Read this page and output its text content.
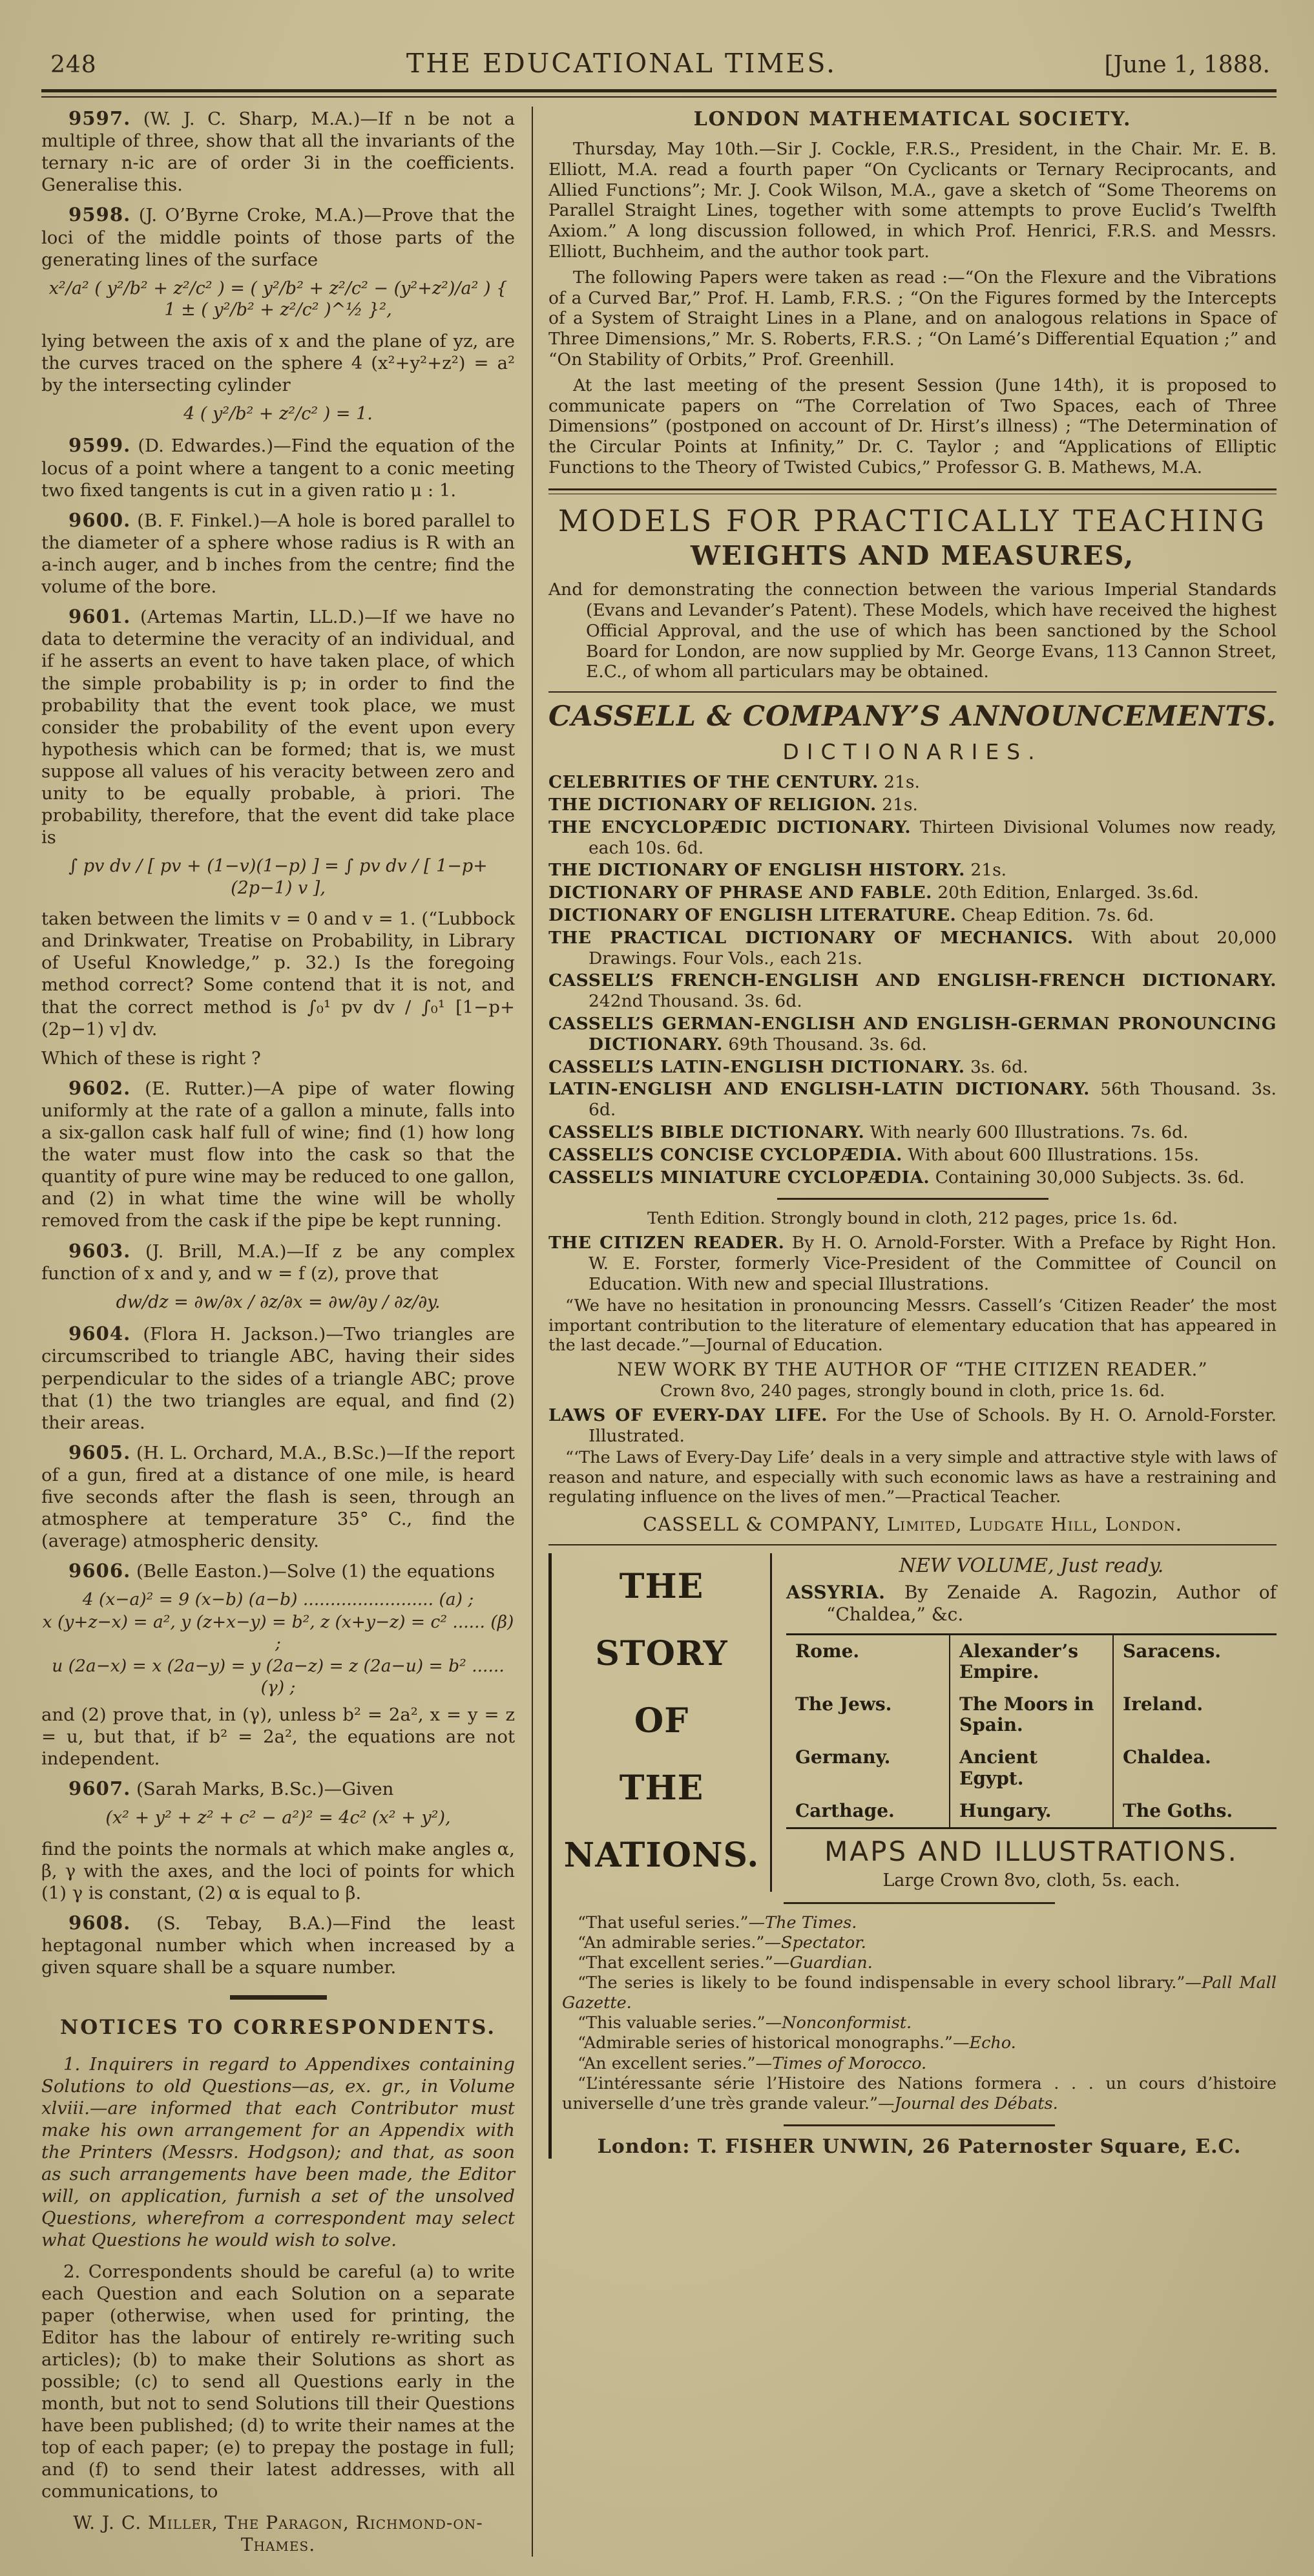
248	THE EDUCATIONAL TIMES.	[June 1, 1888.

9597. (W. J. C. Sharp, M.A.)—If n be not a multiple of three, show that all the invariants of the ternary n-ic are of order 3i in the coefficients. Generalise this.

9598. (J. O’Byrne Croke, M.A.)—Prove that the loci of the middle points of those parts of the generating lines of the surface

x²/a² ( y²/b² + z²/c² ) = ( y²/b² + z²/c² − (y²+z²)/a² ) { 1 ± ( y²/b² + z²/c² )^½ }²,

lying between the axis of x and the plane of yz, are the curves traced on the sphere 4 (x²+y²+z²) = a² by the intersecting cylinder

4 ( y²/b² + z²/c² ) = 1.

9599. (D. Edwardes.)—Find the equation of the locus of a point where a tangent to a conic meeting two fixed tangents is cut in a given ratio μ : 1.

9600. (B. F. Finkel.)—A hole is bored parallel to the diameter of a sphere whose radius is R with an a-inch auger, and b inches from the centre; find the volume of the bore.

9601. (Artemas Martin, LL.D.)—If we have no data to determine the veracity of an individual, and if he asserts an event to have taken place, of which the simple probability is p; in order to find the probability that the event took place, we must consider the probability of the event upon every hypothesis which can be formed; that is, we must suppose all values of his veracity between zero and unity to be equally probable, à priori. The probability, therefore, that the event did take place is

∫ pv dv / [ pv + (1−v)(1−p) ] = ∫ pv dv / [ 1−p+(2p−1) v ],

taken between the limits v = 0 and v = 1. (“Lubbock and Drinkwater, Treatise on Probability, in Library of Useful Knowledge,” p. 32.) Is the foregoing method correct? Some contend that it is not, and that the correct method is ∫₀¹ pv dv / ∫₀¹ [1−p+(2p−1) v] dv.

Which of these is right ?

9602. (E. Rutter.)—A pipe of water flowing uniformly at the rate of a gallon a minute, falls into a six-gallon cask half full of wine; find (1) how long the water must flow into the cask so that the quantity of pure wine may be reduced to one gallon, and (2) in what time the wine will be wholly removed from the cask if the pipe be kept running.

9603. (J. Brill, M.A.)—If z be any complex function of x and y, and w = f (z), prove that

dw/dz = ∂w/∂x / ∂z/∂x = ∂w/∂y / ∂z/∂y.

9604. (Flora H. Jackson.)—Two triangles are circumscribed to triangle ABC, having their sides perpendicular to the sides of a triangle ABC; prove that (1) the two triangles are equal, and find (2) their areas.

9605. (H. L. Orchard, M.A., B.Sc.)—If the report of a gun, fired at a distance of one mile, is heard five seconds after the flash is seen, through an atmosphere at temperature 35° C., find the (average) atmospheric density.

9606. (Belle Easton.)—Solve (1) the equations

4 (x−a)² = 9 (x−b) (a−b) ........................ (a) ;
x (y+z−x) = a², y (z+x−y) = b², z (x+y−z) = c² ...... (β) ;
u (2a−x) = x (2a−y) = y (2a−z) = z (2a−u) = b² ...... (γ) ;

and (2) prove that, in (γ), unless b² = 2a², x = y = z = u, but that, if b² = 2a², the equations are not independent.

9607. (Sarah Marks, B.Sc.)—Given

(x² + y² + z² + c² − a²)² = 4c² (x² + y²),

find the points the normals at which make angles α, β, γ with the axes, and the loci of points for which (1) γ is constant, (2) α is equal to β.

9608. (S. Tebay, B.A.)—Find the least heptagonal number which when increased by a given square shall be a square number.

NOTICES TO CORRESPONDENTS.

1. Inquirers in regard to Appendixes containing Solutions to old Questions—as, ex. gr., in Volume xlviii.—are informed that each Contributor must make his own arrangement for an Appendix with the Printers (Messrs. Hodgson); and that, as soon as such arrangements have been made, the Editor will, on application, furnish a set of the unsolved Questions, wherefrom a correspondent may select what Questions he would wish to solve.

2. Correspondents should be careful (a) to write each Question and each Solution on a separate paper (otherwise, when used for printing, the Editor has the labour of entirely re-writing such articles); (b) to make their Solutions as short as possible; (c) to send all Questions early in the month, but not to send Solutions till their Questions have been published; (d) to write their names at the top of each paper; (e) to prepay the postage in full; and (f) to send their latest addresses, with all communications, to

W. J. C. Miller, The Paragon, Richmond-on-Thames.

LONDON MATHEMATICAL SOCIETY.

Thursday, May 10th.—Sir J. Cockle, F.R.S., President, in the Chair. Mr. E. B. Elliott, M.A. read a fourth paper “On Cyclicants or Ternary Reciprocants, and Allied Functions”; Mr. J. Cook Wilson, M.A., gave a sketch of “Some Theorems on Parallel Straight Lines, together with some attempts to prove Euclid’s Twelfth Axiom.” A long discussion followed, in which Prof. Henrici, F.R.S. and Messrs. Elliott, Buchheim, and the author took part.

The following Papers were taken as read :—“On the Flexure and the Vibrations of a Curved Bar,” Prof. H. Lamb, F.R.S. ; “On the Figures formed by the Intercepts of a System of Straight Lines in a Plane, and on analogous relations in Space of Three Dimensions,” Mr. S. Roberts, F.R.S. ; “On Lamé’s Differential Equation ;” and “On Stability of Orbits,” Prof. Greenhill.

At the last meeting of the present Session (June 14th), it is proposed to communicate papers on “The Correlation of Two Spaces, each of Three Dimensions” (postponed on account of Dr. Hirst’s illness) ; “The Determination of the Circular Points at Infinity,” Dr. C. Taylor ; and “Applications of Elliptic Functions to the Theory of Twisted Cubics,” Professor G. B. Mathews, M.A.

MODELS FOR PRACTICALLY TEACHING
WEIGHTS AND MEASURES,

And for demonstrating the connection between the various Imperial Standards (Evans and Levander’s Patent). These Models, which have received the highest Official Approval, and the use of which has been sanctioned by the School Board for London, are now supplied by Mr. George Evans, 113 Cannon Street, E.C., of whom all particulars may be obtained.

CASSELL & COMPANY’S ANNOUNCEMENTS.
DICTIONARIES.

CELEBRITIES OF THE CENTURY. 21s.

THE DICTIONARY OF RELIGION. 21s.

THE ENCYCLOPÆDIC DICTIONARY. Thirteen Divisional Volumes now ready, each 10s. 6d.

THE DICTIONARY OF ENGLISH HISTORY. 21s.

DICTIONARY OF PHRASE AND FABLE. 20th Edition, Enlarged. 3s.6d.

DICTIONARY OF ENGLISH LITERATURE. Cheap Edition. 7s. 6d.

THE PRACTICAL DICTIONARY OF MECHANICS. With about 20,000 Drawings. Four Vols., each 21s.

CASSELL’S FRENCH-ENGLISH AND ENGLISH-FRENCH DICTIONARY. 242nd Thousand. 3s. 6d.

CASSELL’S GERMAN-ENGLISH AND ENGLISH-GERMAN PRONOUNCING DICTIONARY. 69th Thousand. 3s. 6d.

CASSELL’S LATIN-ENGLISH DICTIONARY. 3s. 6d.

LATIN-ENGLISH AND ENGLISH-LATIN DICTIONARY. 56th Thousand. 3s. 6d.

CASSELL’S BIBLE DICTIONARY. With nearly 600 Illustrations. 7s. 6d.

CASSELL’S CONCISE CYCLOPÆDIA. With about 600 Illustrations. 15s.

CASSELL’S MINIATURE CYCLOPÆDIA. Containing 30,000 Subjects. 3s. 6d.

Tenth Edition. Strongly bound in cloth, 212 pages, price 1s. 6d.

THE CITIZEN READER. By H. O. Arnold-Forster. With a Preface by Right Hon. W. E. Forster, formerly Vice-President of the Committee of Council on Education. With new and special Illustrations.

“We have no hesitation in pronouncing Messrs. Cassell’s ‘Citizen Reader’ the most important contribution to the literature of elementary education that has appeared in the last decade.”—Journal of Education.

NEW WORK BY THE AUTHOR OF “THE CITIZEN READER.”

Crown 8vo, 240 pages, strongly bound in cloth, price 1s. 6d.

LAWS OF EVERY-DAY LIFE. For the Use of Schools. By H. O. Arnold-Forster. Illustrated.

“‘The Laws of Every-Day Life’ deals in a very simple and attractive style with laws of reason and nature, and especially with such economic laws as have a restraining and regulating influence on the lives of men.”—Practical Teacher.

CASSELL & COMPANY, Limited, Ludgate Hill, London.

THE
STORY
OF
THE
NATIONS.

NEW VOLUME, Just ready.

ASSYRIA. By Zenaide A. Ragozin, Author of “Chaldea,” &c.

Rome.	Alexander’s Empire.	Saracens.
The Jews.	The Moors in Spain.	Ireland.
Germany.	Ancient Egypt.	Chaldea.
Carthage.	Hungary.	The Goths.
MAPS AND ILLUSTRATIONS.

Large Crown 8vo, cloth, 5s. each.

“That useful series.”—The Times.

“An admirable series.”—Spectator.

“That excellent series.”—Guardian.

“The series is likely to be found indispensable in every school library.”—Pall Mall Gazette.

“This valuable series.”—Nonconformist.

“Admirable series of historical monographs.”—Echo.

“An excellent series.”—Times of Morocco.

“L’intéressante série l’Histoire des Nations formera . . . un cours d’histoire universelle d’une très grande valeur.”—Journal des Débats.

London: T. FISHER UNWIN, 26 Paternoster Square, E.C.
